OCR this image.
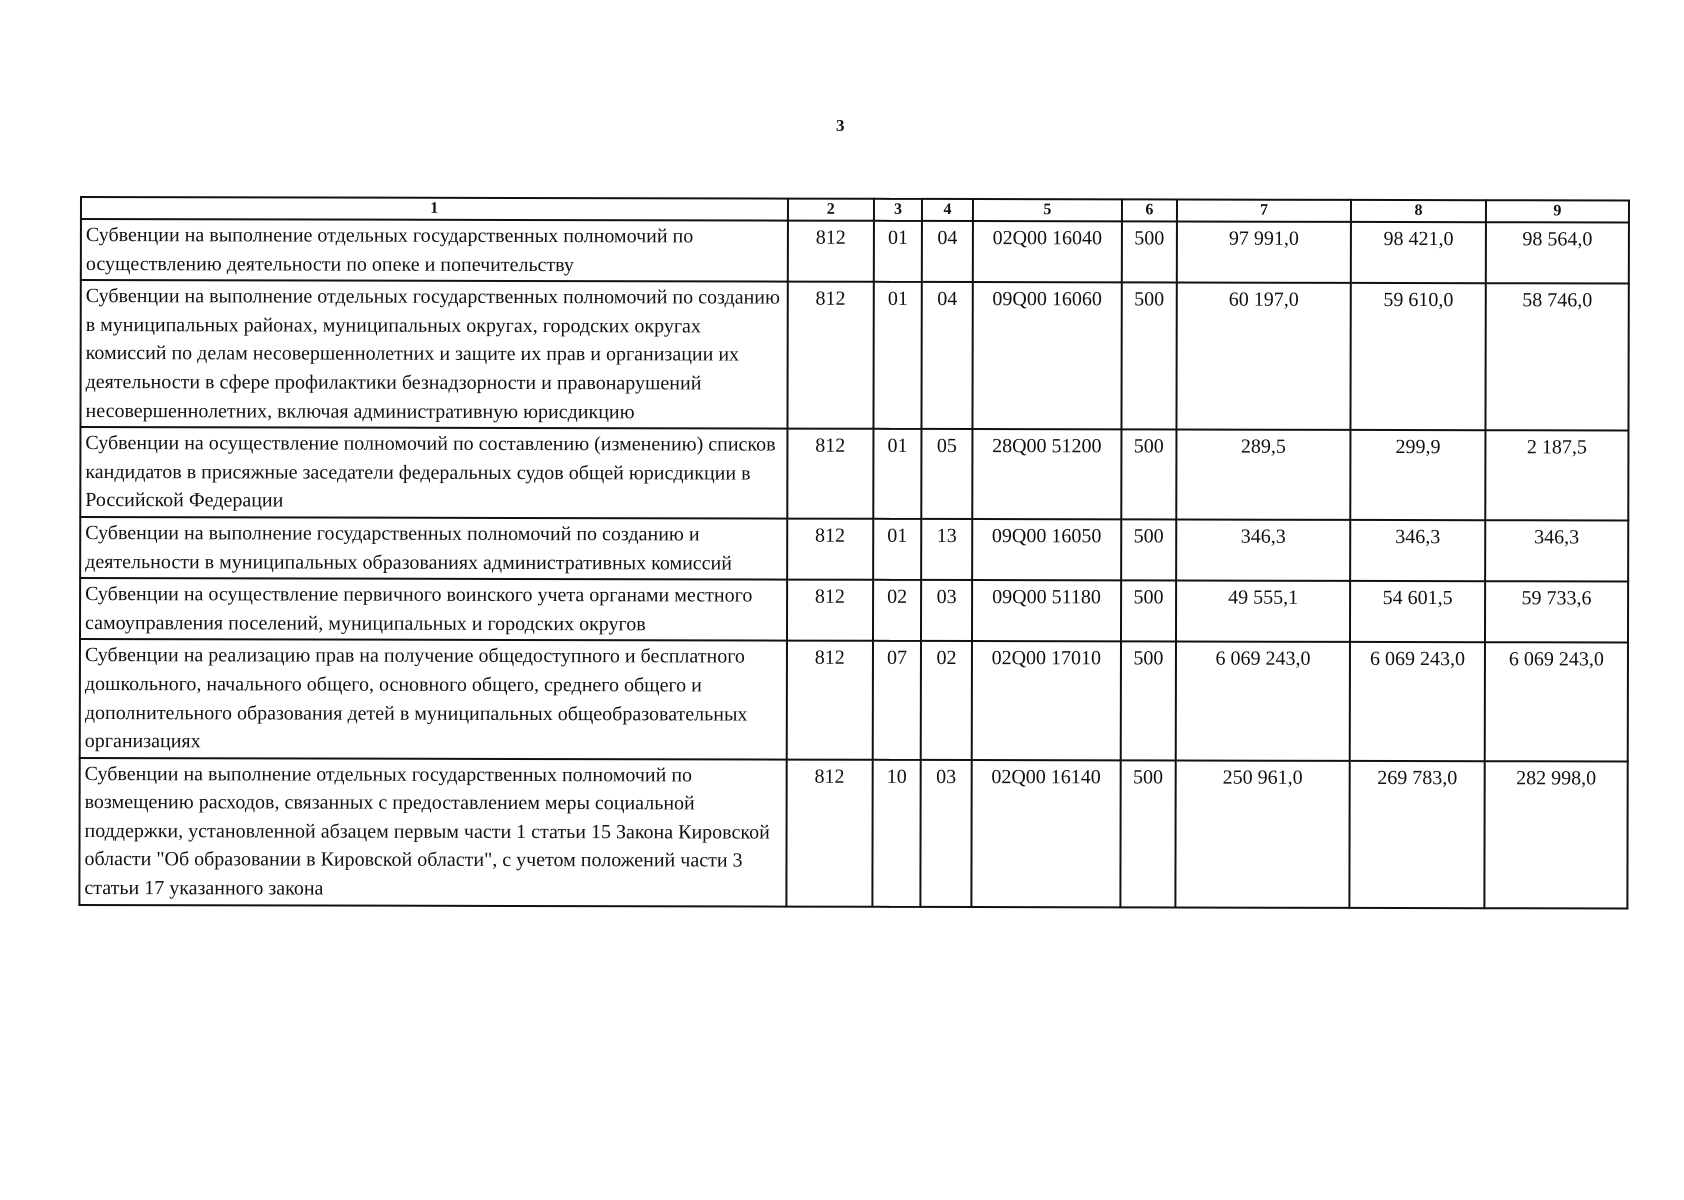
3
1	2	3	4	5	6	7	8	9
Субвенции на выполнение отдельных государственных полномочий по осуществлению деятельности по опеке и попечительству	812	01	04	02Q00 16040	500	97 991,0	98 421,0	98 564,0
Субвенции на выполнение отдельных государственных полномочий по созданию в муниципальных районах, муниципальных округах, городских округах комиссий по делам несовершеннолетних и защите их прав и организации их деятельности в сфере профилактики безнадзорности и правонарушений несовершеннолетних, включая административную юрисдикцию	812	01	04	09Q00 16060	500	60 197,0	59 610,0	58 746,0
Субвенции на осуществление полномочий по составлению (изменению) списков кандидатов в присяжные заседатели федеральных судов общей юрисдикции в Российской Федерации	812	01	05	28Q00 51200	500	289,5	299,9	2 187,5
Субвенции на выполнение государственных полномочий по созданию и деятельности в муниципальных образованиях административных комиссий	812	01	13	09Q00 16050	500	346,3	346,3	346,3
Субвенции на осуществление первичного воинского учета органами местного самоуправления поселений, муниципальных и городских округов	812	02	03	09Q00 51180	500	49 555,1	54 601,5	59 733,6
Субвенции на реализацию прав на получение общедоступного и бесплатного дошкольного, начального общего, основного общего, среднего общего и дополнительного образования детей в муниципальных общеобразовательных организациях	812	07	02	02Q00 17010	500	6 069 243,0	6 069 243,0	6 069 243,0
Субвенции на выполнение отдельных государственных полномочий по возмещению расходов, связанных с предоставлением меры социальной поддержки, установленной абзацем первым части 1 статьи 15 Закона Кировской области "Об образовании в Кировской области", с учетом положений части 3 статьи 17 указанного закона	812	10	03	02Q00 16140	500	250 961,0	269 783,0	282 998,0
